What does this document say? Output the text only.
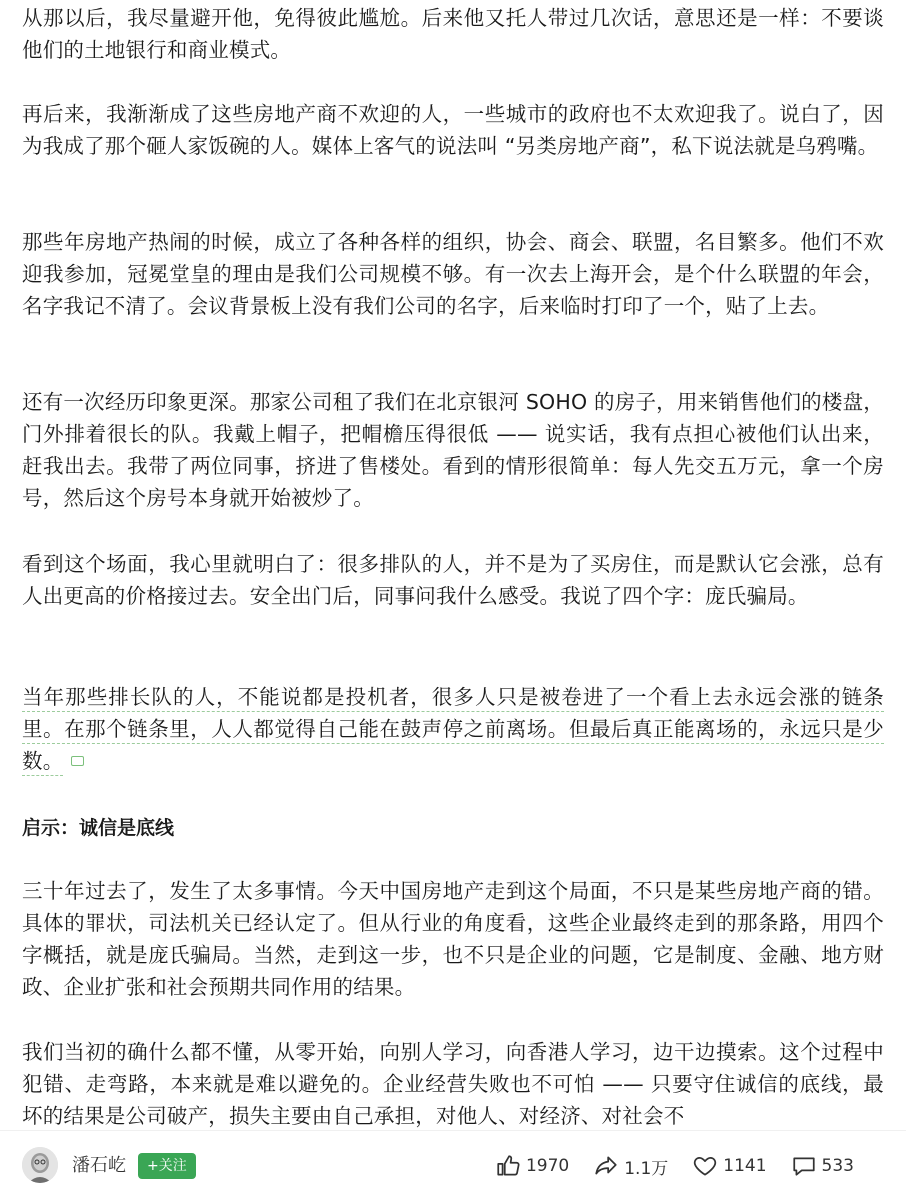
从那以后，我尽量避开他，免得彼此尴尬。后来他又托人带过几次话，意思还是一样：不要谈他们的土地银行和商业模式。

再后来，我渐渐成了这些房地产商不欢迎的人，一些城市的政府也不太欢迎我了。说白了，因为我成了那个砸人家饭碗的人。媒体上客气的说法叫 “另类房地产商”，私下说法就是乌鸦嘴。

那些年房地产热闹的时候，成立了各种各样的组织，协会、商会、联盟，名目繁多。他们不欢迎我参加，冠冕堂皇的理由是我们公司规模不够。有一次去上海开会，是个什么联盟的年会，名字我记不清了。会议背景板上没有我们公司的名字，后来临时打印了一个，贴了上去。

还有一次经历印象更深。那家公司租了我们在北京银河 SOHO 的房子，用来销售他们的楼盘，门外排着很长的队。我戴上帽子，把帽檐压得很低 —— 说实话，我有点担心被他们认出来，赶我出去。我带了两位同事，挤进了售楼处。看到的情形很简单：每人先交五万元，拿一个房号，然后这个房号本身就开始被炒了。

看到这个场面，我心里就明白了：很多排队的人，并不是为了买房住，而是默认它会涨，总有人出更高的价格接过去。安全出门后，同事问我什么感受。我说了四个字：庞氏骗局。

当年那些排长队的人，不能说都是投机者，很多人只是被卷进了一个看上去永远会涨的链条里。在那个链条里，人人都觉得自己能在鼓声停之前离场。但最后真正能离场的，永远只是少数。

启示：诚信是底线

三十年过去了，发生了太多事情。今天中国房地产走到这个局面，不只是某些房地产商的错。具体的罪状，司法机关已经认定了。但从行业的角度看，这些企业最终走到的那条路，用四个字概括，就是庞氏骗局。当然，走到这一步，也不只是企业的问题，它是制度、金融、地方财政、企业扩张和社会预期共同作用的结果。

我们当初的确什么都不懂，从零开始，向别人学习，向香港人学习，边干边摸索。这个过程中犯错、走弯路，本来就是难以避免的。企业经营失败也不可怕 —— 只要守住诚信的底线，最坏的结果是公司破产，损失主要由自己承担，对他人、对经济、对社会不

潘石屹	+关注	1970	1.1万	1141	533
